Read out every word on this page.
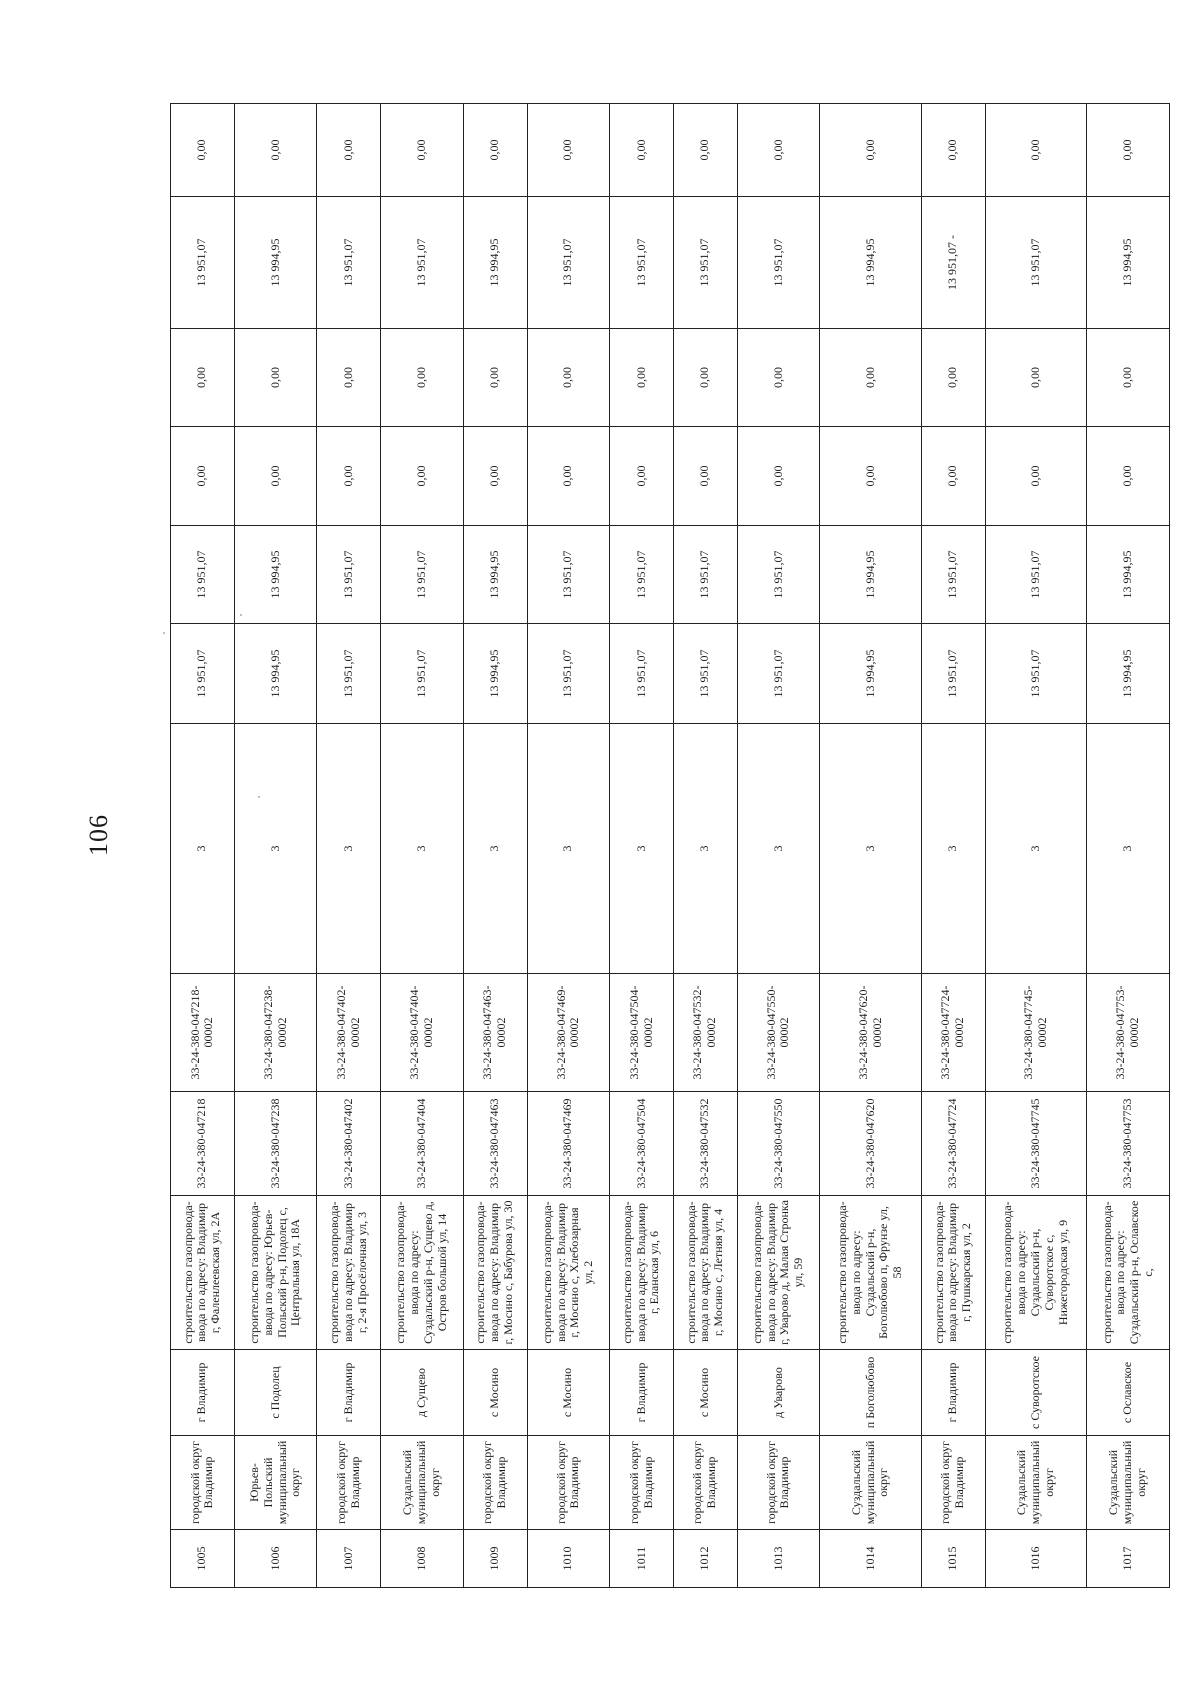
106
1005	городской округ Владимир	г Владимир	строительство газопровода-ввода по адресу: Владимир г, Фаленлеевская ул, 2А	33-24-380-047218	33-24-380-047218-00002	3	13 951,07	13 951,07	0,00	0,00	13 951,07	0,00

1006	Юрьев-Польский муниципальный округ	с Подолец	строительство газопровода-ввода по адресу: Юрьев-Польский р-н, Подолец с, Центральная ул, 18А	33-24-380-047238	33-24-380-047238-00002	3	13 994,95	13 994,95	0,00	0,00	13 994,95	0,00

1007	городской округ Владимир	г Владимир	строительство газопровода-ввода по адресу: Владимир г, 2-я Просёлочная ул, 3	33-24-380-047402	33-24-380-047402-00002	3	13 951,07	13 951,07	0,00	0,00	13 951,07	0,00

1008	Суздальский муниципальный округ	д Сущево	строительство газопровода-ввода по адресу: Суздальский р-н, Сущево д, Остров большой ул, 14	33-24-380-047404	33-24-380-047404-00002	3	13 951,07	13 951,07	0,00	0,00	13 951,07	0,00

1009	городской округ Владимир	с Мосино	строительство газопровода-ввода по адресу: Владимир г, Мосино с, Бабурова ул, 30	33-24-380-047463	33-24-380-047463-00002	3	13 994,95	13 994,95	0,00	0,00	13 994,95	0,00

1010	городской округ Владимир	с Мосино	строительство газопровода-ввода по адресу: Владимир г, Мосино с, Хлебозарная ул, 2	33-24-380-047469	33-24-380-047469-00002	3	13 951,07	13 951,07	0,00	0,00	13 951,07	0,00

1011	городской округ Владимир	г Владимир	строительство газопровода-ввода по адресу: Владимир г, Еланская ул, 6	33-24-380-047504	33-24-380-047504-00002	3	13 951,07	13 951,07	0,00	0,00	13 951,07	0,00

1012	городской округ Владимир	с Мосино	строительство газопровода-ввода по адресу: Владимир г, Мосино с, Летняя ул, 4	33-24-380-047532	33-24-380-047532-00002	3	13 951,07	13 951,07	0,00	0,00	13 951,07	0,00

1013	городской округ Владимир	д Уварово	строительство газопровода-ввода по адресу: Владимир г, Уварово д, Малая Стронка ул, 59	33-24-380-047550	33-24-380-047550-00002	3	13 951,07	13 951,07	0,00	0,00	13 951,07	0,00

1014	Суздальский муниципальный округ	п Боголюбово	строительство газопровода-ввода по адресу: Суздальский р-н, Боголюбово п, Фрунзе ул, 58	33-24-380-047620	33-24-380-047620-00002	3	13 994,95	13 994,95	0,00	0,00	13 994,95	0,00

1015	городской округ Владимир	г Владимир	строительство газопровода-ввода по адресу: Владимир г, Пушкарская ул, 2	33-24-380-047724	33-24-380-047724-00002	3	13 951,07	13 951,07	0,00	0,00	13 951,07 -	0,00

1016	Суздальский муниципальный округ	с Суворотское	строительство газопровода-ввода по адресу: Суздальский р-н, Суворотское с, Нижегородская ул, 9	33-24-380-047745	33-24-380-047745-00002	3	13 951,07	13 951,07	0,00	0,00	13 951,07	0,00

1017	Суздальский муниципальный округ	с Ославское	строительство газопровода-ввода по адресу: Суздальский р-н, Ославское с,	33-24-380-047753	33-24-380-047753-00002	3	13 994,95	13 994,95	0,00	0,00	13 994,95	0,00
